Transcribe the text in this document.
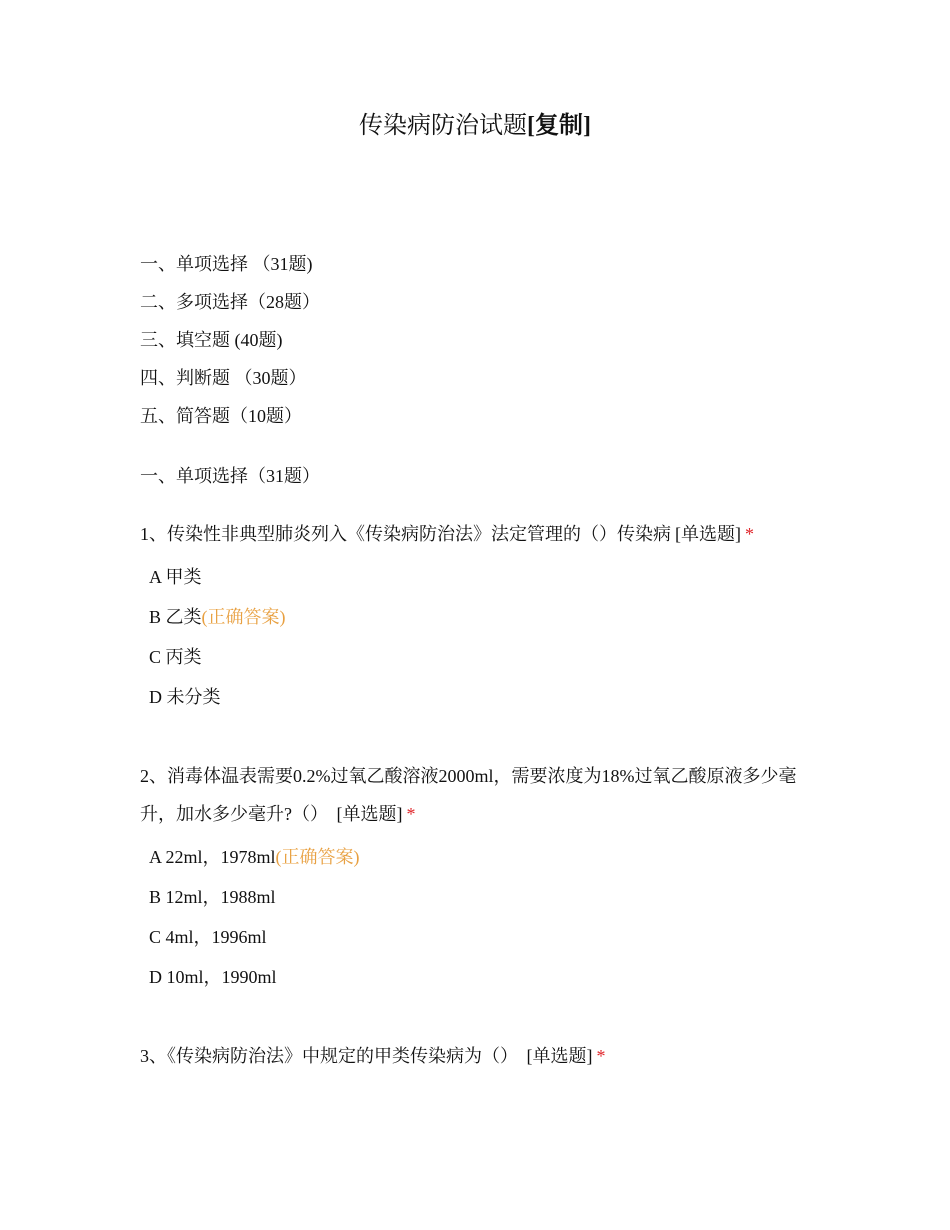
传染病防治试题[复制]
一、单项选择 （31题)
二、多项选择（28题）
三、填空题 (40题)
四、判断题 （30题）
五、简答题（10题）
一、单项选择（31题）
1、传染性非典型肺炎列入《传染病防治法》法定管理的（）传染病 [单选题] *
A 甲类
B 乙类(正确答案)
C 丙类
D 未分类
2、消毒体温表需要0.2%过氧乙酸溶液2000ml，需要浓度为18%过氧乙酸原液多少毫升，加水多少毫升?（） [单选题] *
A 22ml，1978ml(正确答案)
B 12ml，1988ml
C 4ml，1996ml
D 10ml，1990ml
3、《传染病防治法》中规定的甲类传染病为（） [单选题] *
